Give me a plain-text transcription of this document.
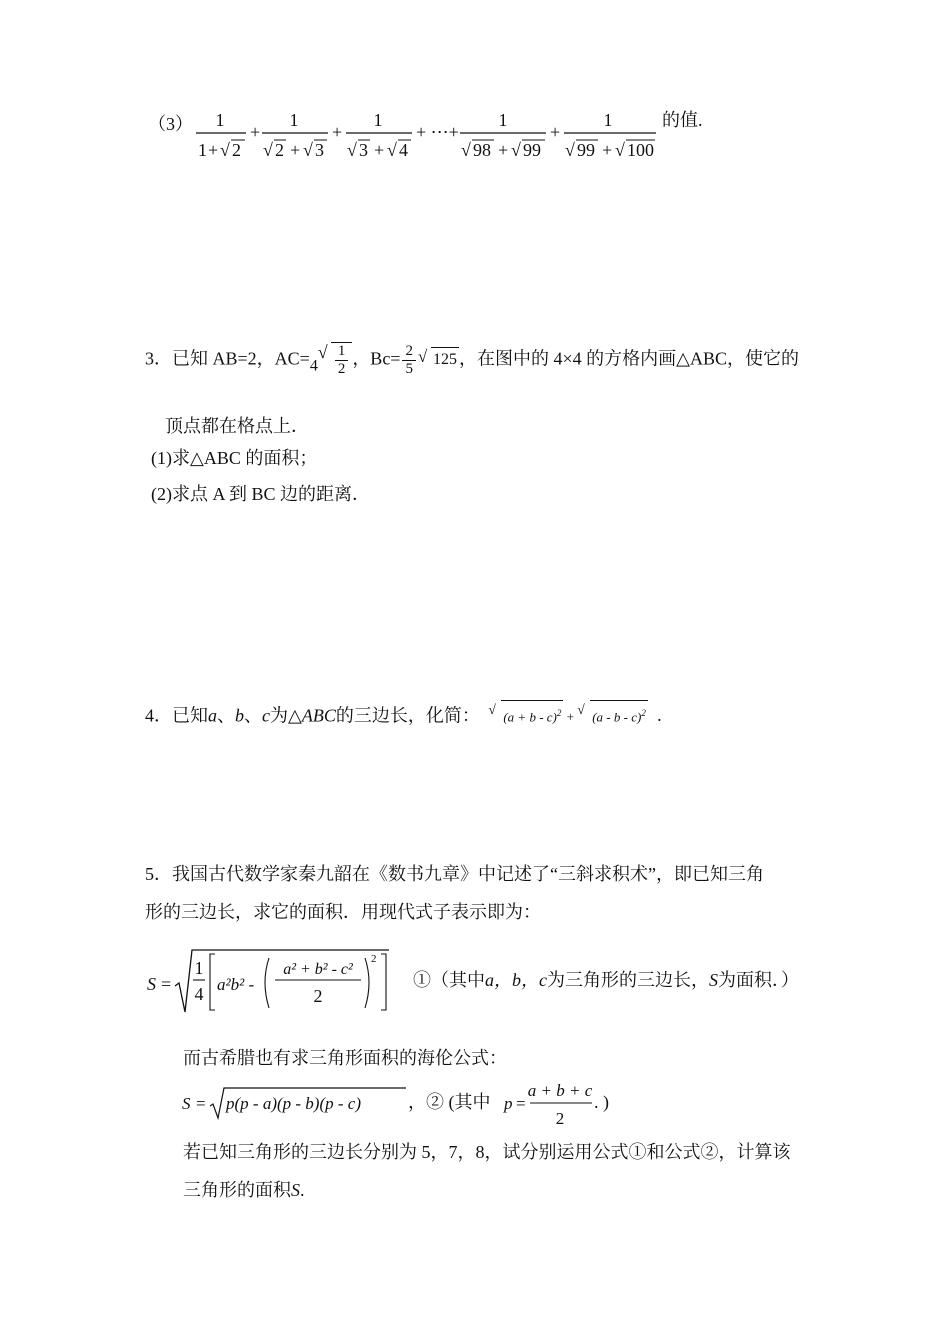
（3） 1
1 + √ 2
+
1
√ 2 + √ 3
+
1
√ 3 + √ 4
+ ⋯+
1
√ 98 + √ 99
+
1
√ 99 + √ 100
的值.
3．已知 AB=2，AC=4 √ $\frac{1}{2}$ ，$Bc= \frac{2}{5}$ √ 125 ，在图中的 4×4 的方格内画△ABC，使它的
顶点都在格点上．
(1)求△ABC 的面积；
(2)求点 A 到 BC 边的距离．
4．已知a、b、c为△ABC的三边长，化简： √ $(a + b - c)^2$ + √ (a - b - c)$^2$ .
5．我国古代数学家秦九韶在《数书九章》中记述了“三斜求积术”，即已知三角
形的三边长，求它的面积．用现代式子表示即为：
S =
1
4 a²b² -
a² + b² - c²
2
2
①（其中a，b，c为三角形的三边长，S为面积．）
而古希腊也有求三角形面积的海伦公式：
S = p(p - a)(p - b)(p - c)	，② (其中 p =
a + b + c
2
. )
若已知三角形的三边长分别为 5，7，8，试分别运用公式①和公式②，计算该
三角形的面积S.
